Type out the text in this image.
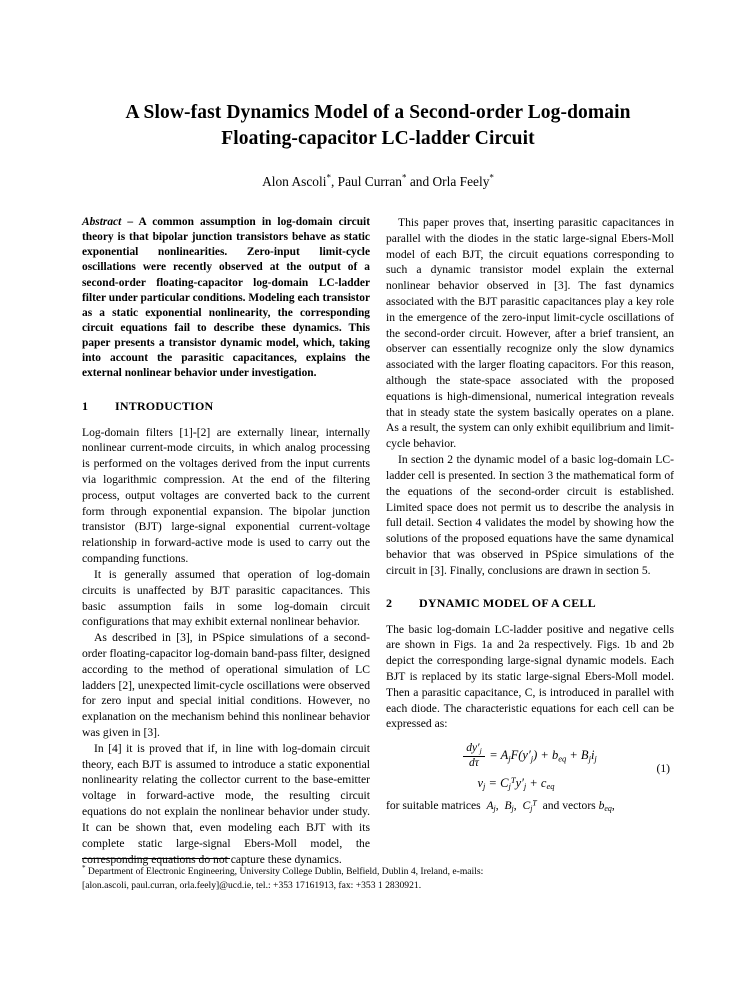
A Slow-fast Dynamics Model of a Second-order Log-domain Floating-capacitor LC-ladder Circuit
Alon Ascoli*, Paul Curran* and Orla Feely*

Abstract – A common assumption in log-domain circuit theory is that bipolar junction transistors behave as static exponential nonlinearities. Zero-input limit-cycle oscillations were recently observed at the output of a second-order floating-capacitor log-domain LC-ladder filter under particular conditions. Modeling each transistor as a static exponential nonlinearity, the corresponding circuit equations fail to describe these dynamics. This paper presents a transistor dynamic model, which, taking into account the parasitic capacitances, explains the external nonlinear behavior under investigation.

1 INTRODUCTION

Log-domain filters [1]-[2] are externally linear, internally nonlinear current-mode circuits, in which analog processing is performed on the voltages derived from the input currents via logarithmic compression. At the end of the filtering process, output voltages are converted back to the current form through exponential expansion. The bipolar junction transistor (BJT) large-signal exponential current-voltage relationship in forward-active mode is used to carry out the companding functions.

It is generally assumed that operation of log-domain circuits is unaffected by BJT parasitic capacitances. This basic assumption fails in some log-domain circuit configurations that may exhibit external nonlinear behavior.

As described in [3], in PSpice simulations of a second-order floating-capacitor log-domain band-pass filter, designed according to the method of operational simulation of LC ladders [2], unexpected limit-cycle oscillations were observed for zero input and special initial conditions. However, no explanation on the mechanism behind this nonlinear behavior was given in [3].

In [4] it is proved that if, in line with log-domain circuit theory, each BJT is assumed to introduce a static exponential nonlinearity relating the collector current to the base-emitter voltage in forward-active mode, the resulting circuit equations do not explain the nonlinear behavior under study. It can be shown that, even modeling each BJT with its complete static large-signal Ebers-Moll model, the corresponding equations do not capture these dynamics.

This paper proves that, inserting parasitic capacitances in parallel with the diodes in the static large-signal Ebers-Moll model of each BJT, the circuit equations corresponding to such a dynamic transistor model explain the external nonlinear behavior observed in [3]. The fast dynamics associated with the BJT parasitic capacitances play a key role in the emergence of the zero-input limit-cycle oscillations of the second-order circuit. However, after a brief transient, an observer can essentially recognize only the slow dynamics associated with the larger floating capacitors. For this reason, although the state-space associated with the proposed equations is high-dimensional, numerical integration reveals that in steady state the system basically operates on a plane. As a result, the system can only exhibit equilibrium and limit-cycle behavior.

In section 2 the dynamic model of a basic log-domain LC-ladder cell is presented. In section 3 the mathematical form of the equations of the second-order circuit is established. Limited space does not permit us to describe the analysis in full detail. Section 4 validates the model by showing how the solutions of the proposed equations have the same dynamical behavior that was observed in PSpice simulations of the circuit in [3]. Finally, conclusions are drawn in section 5.

2 DYNAMIC MODEL OF A CELL

The basic log-domain LC-ladder positive and negative cells are shown in Figs. 1a and 2a respectively. Figs. 1b and 2b depict the corresponding large-signal dynamic models. Each BJT is replaced by its static large-signal Ebers-Moll model. Then a parasitic capacitance, C, is introduced in parallel with each diode. The characteristic equations for each cell can be expressed as:

$\frac{dy'_j}{d\tau} = A_jF(y'_j) + b_{eq} + B_ji_j$
$v_j = C_j^Ty'_j + c_{eq}$
(1)

for suitable matrices  $A_j$,  $B_j$,  $C_j^T$  and vectors $b_{eq}$,

* Department of Electronic Engineering, University College Dublin, Belfield, Dublin 4, Ireland, e-mails:
[alon.ascoli, paul.curran, orla.feely]@ucd.ie, tel.: +353 17161913, fax: +353 1 2830921.
